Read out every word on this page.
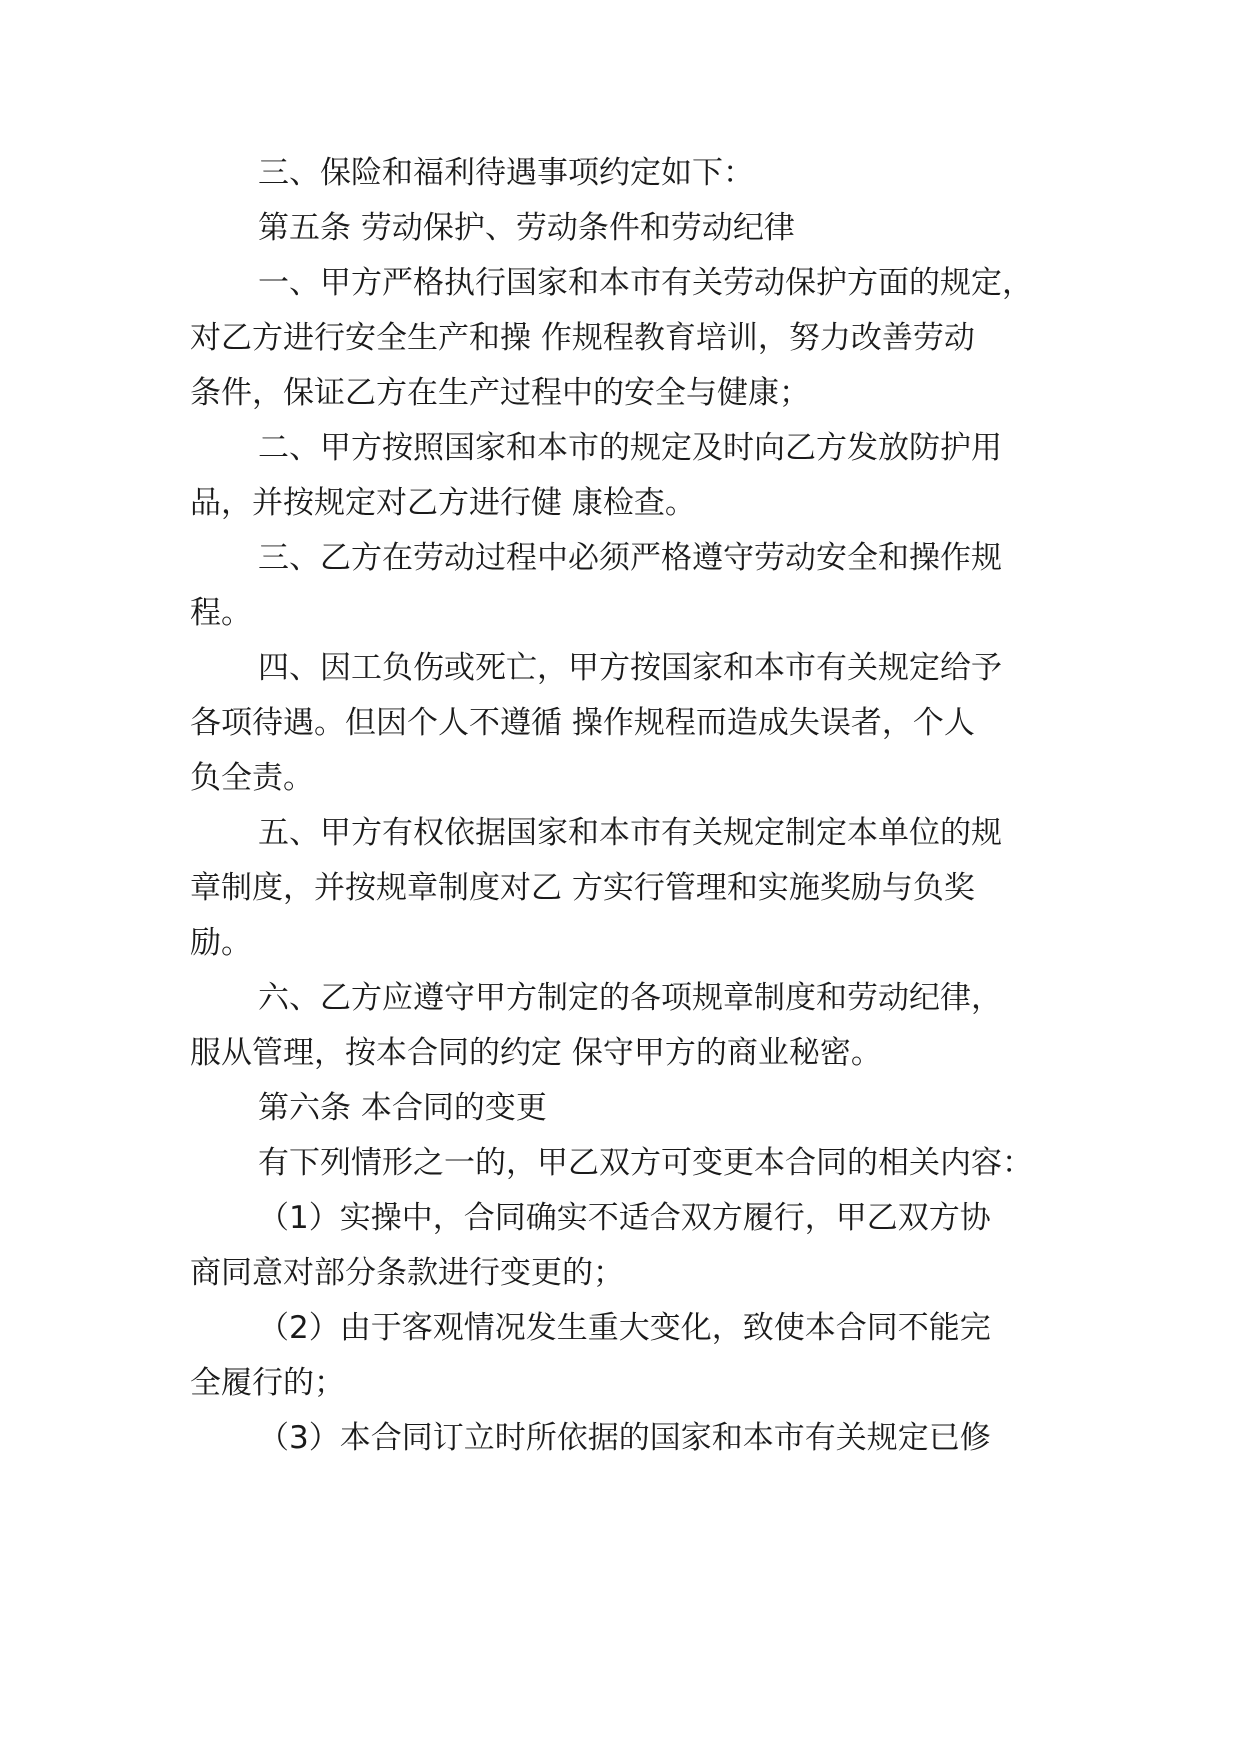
三、保险和福利待遇事项约定如下：
第五条 劳动保护、劳动条件和劳动纪律
一、甲方严格执行国家和本市有关劳动保护方面的规定，
对乙方进行安全生产和操 作规程教育培训，努力改善劳动
条件，保证乙方在生产过程中的安全与健康；
二、甲方按照国家和本市的规定及时向乙方发放防护用
品，并按规定对乙方进行健 康检查。
三、乙方在劳动过程中必须严格遵守劳动安全和操作规
程。
四、因工负伤或死亡，甲方按国家和本市有关规定给予
各项待遇。但因个人不遵循 操作规程而造成失误者，个人
负全责。
五、甲方有权依据国家和本市有关规定制定本单位的规
章制度，并按规章制度对乙 方实行管理和实施奖励与负奖
励。
六、乙方应遵守甲方制定的各项规章制度和劳动纪律，
服从管理，按本合同的约定 保守甲方的商业秘密。
第六条 本合同的变更
有下列情形之一的，甲乙双方可变更本合同的相关内容：
（1）实操中，合同确实不适合双方履行，甲乙双方协
商同意对部分条款进行变更的；
（2）由于客观情况发生重大变化，致使本合同不能完
全履行的；
（3）本合同订立时所依据的国家和本市有关规定已修
